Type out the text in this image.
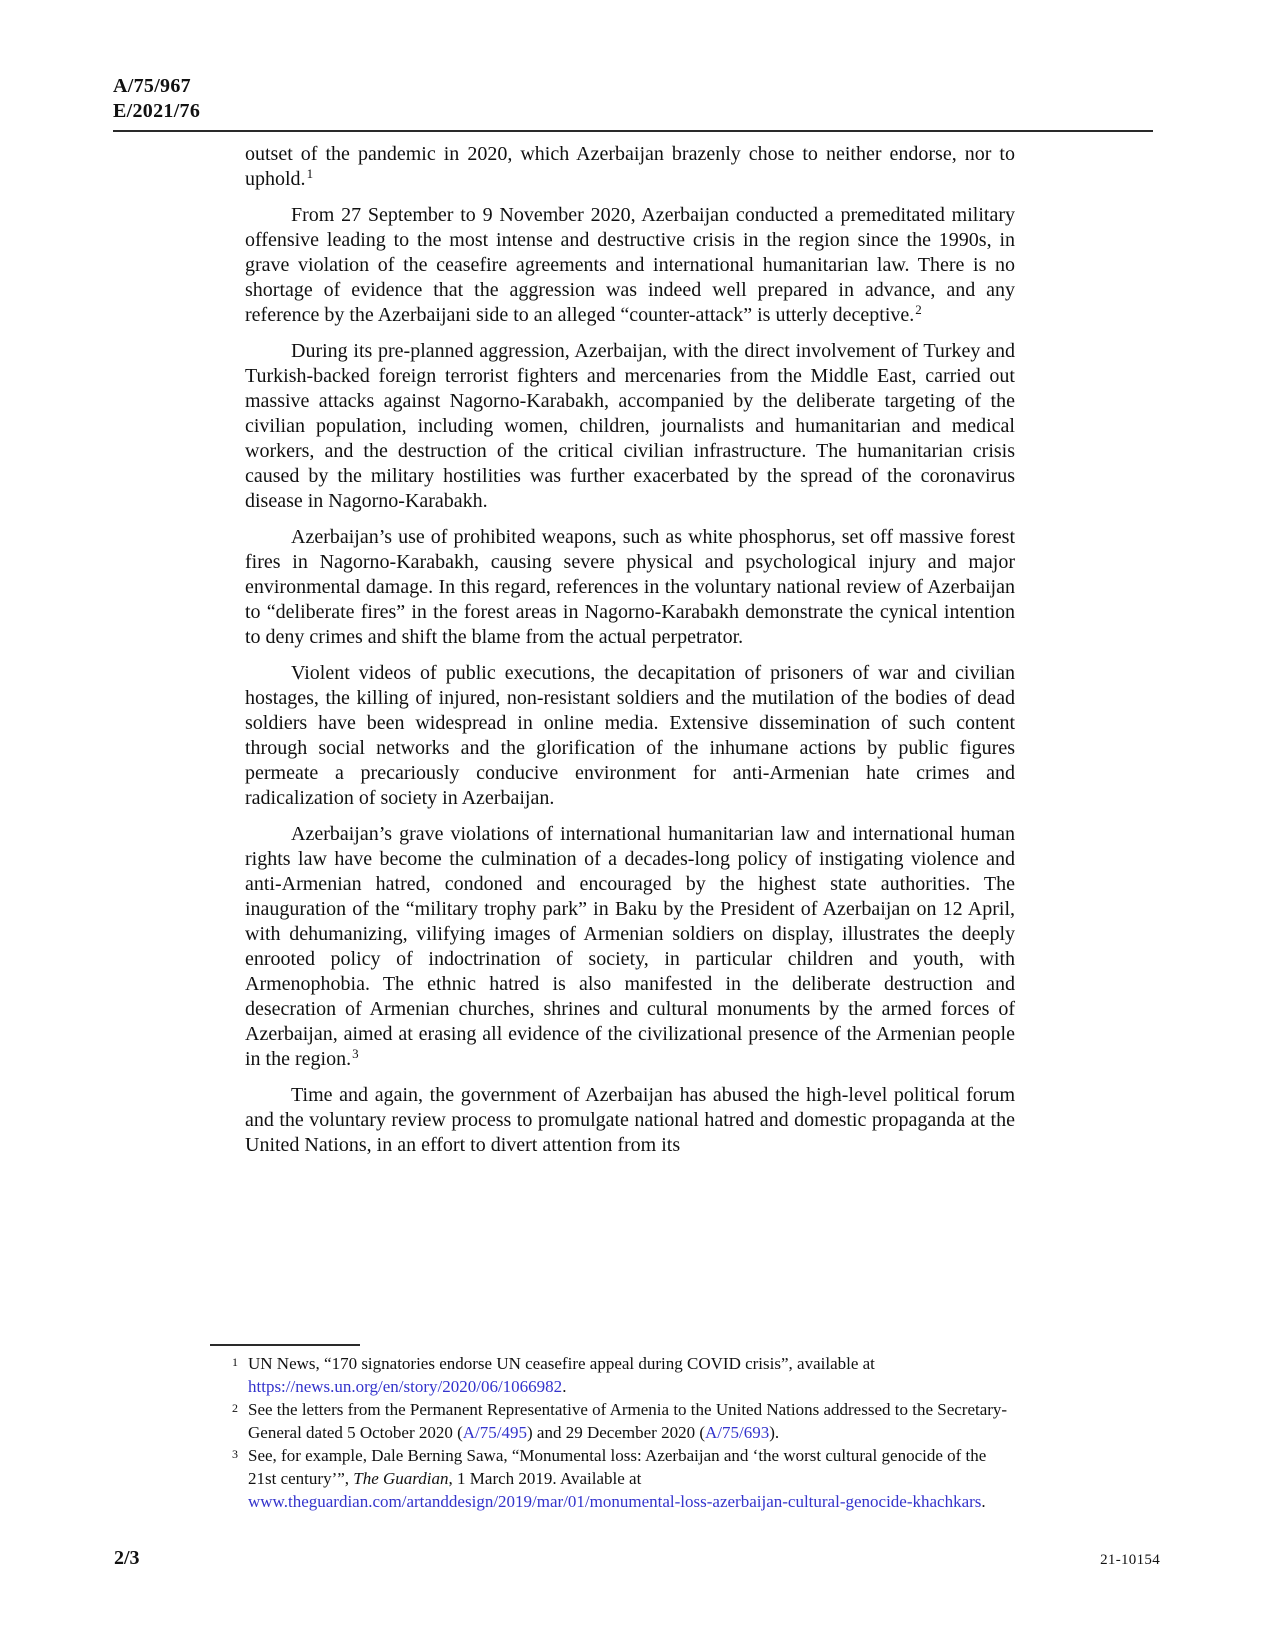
A/75/967
E/2021/76

outset of the pandemic in 2020, which Azerbaijan brazenly chose to neither endorse, nor to uphold.$^1$

From 27 September to 9 November 2020, Azerbaijan conducted a premeditated military offensive leading to the most intense and destructive crisis in the region since the 1990s, in grave violation of the ceasefire agreements and international humanitarian law. There is no shortage of evidence that the aggression was indeed well prepared in advance, and any reference by the Azerbaijani side to an alleged “counter-attack” is utterly deceptive.$^2$

During its pre-planned aggression, Azerbaijan, with the direct involvement of Turkey and Turkish-backed foreign terrorist fighters and mercenaries from the Middle East, carried out massive attacks against Nagorno-Karabakh, accompanied by the deliberate targeting of the civilian population, including women, children, journalists and humanitarian and medical workers, and the destruction of the critical civilian infrastructure. The humanitarian crisis caused by the military hostilities was further exacerbated by the spread of the coronavirus disease in Nagorno-Karabakh.

Azerbaijan’s use of prohibited weapons, such as white phosphorus, set off massive forest fires in Nagorno-Karabakh, causing severe physical and psychological injury and major environmental damage. In this regard, references in the voluntary national review of Azerbaijan to “deliberate fires” in the forest areas in Nagorno-Karabakh demonstrate the cynical intention to deny crimes and shift the blame from the actual perpetrator.

Violent videos of public executions, the decapitation of prisoners of war and civilian hostages, the killing of injured, non-resistant soldiers and the mutilation of the bodies of dead soldiers have been widespread in online media. Extensive dissemination of such content through social networks and the glorification of the inhumane actions by public figures permeate a precariously conducive environment for anti-Armenian hate crimes and radicalization of society in Azerbaijan.

Azerbaijan’s grave violations of international humanitarian law and international human rights law have become the culmination of a decades-long policy of instigating violence and anti-Armenian hatred, condoned and encouraged by the highest state authorities. The inauguration of the “military trophy park” in Baku by the President of Azerbaijan on 12 April, with dehumanizing, vilifying images of Armenian soldiers on display, illustrates the deeply enrooted policy of indoctrination of society, in particular children and youth, with Armenophobia. The ethnic hatred is also manifested in the deliberate destruction and desecration of Armenian churches, shrines and cultural monuments by the armed forces of Azerbaijan, aimed at erasing all evidence of the civilizational presence of the Armenian people in the region.$^3$

Time and again, the government of Azerbaijan has abused the high-level political forum and the voluntary review process to promulgate national hatred and domestic propaganda at the United Nations, in an effort to divert attention from its

1 UN News, “170 signatories endorse UN ceasefire appeal during COVID crisis”, available at https://news.un.org/en/story/2020/06/1066982.
2 See the letters from the Permanent Representative of Armenia to the United Nations addressed to the Secretary-General dated 5 October 2020 (A/75/495) and 29 December 2020 (A/75/693).
3 See, for example, Dale Berning Sawa, “Monumental loss: Azerbaijan and ‘the worst cultural genocide of the 21st century’”, The Guardian, 1 March 2019. Available at www.theguardian.com/artanddesign/2019/mar/01/monumental-loss-azerbaijan-cultural-genocide-khachkars.
2/3	21-10154
